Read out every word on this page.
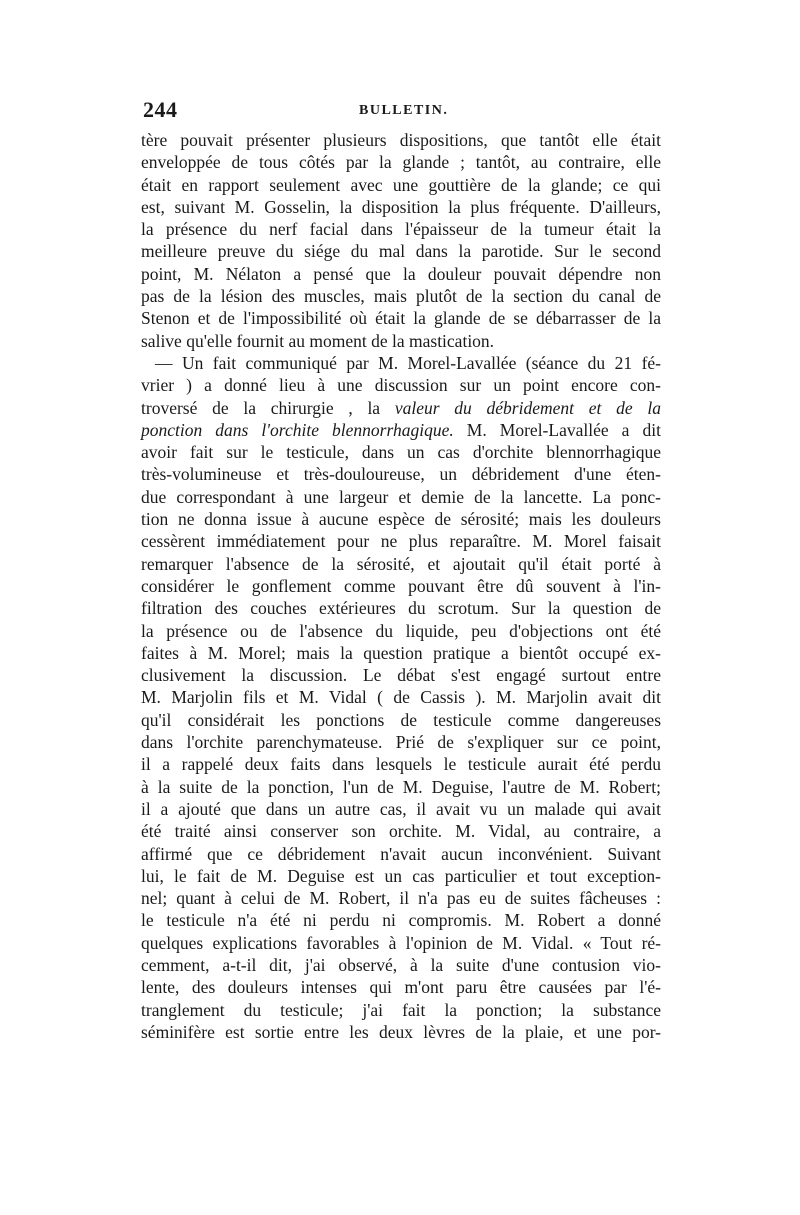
244	BULLETIN.
tère pouvait présenter plusieurs dispositions, que tantôt elle était
enveloppée de tous côtés par la glande ; tantôt, au contraire, elle
était en rapport seulement avec une gouttière de la glande; ce qui
est, suivant M. Gosselin, la disposition la plus fréquente. D'ailleurs,
la présence du nerf facial dans l'épaisseur de la tumeur était la
meilleure preuve du siége du mal dans la parotide. Sur le second
point, M. Nélaton a pensé que la douleur pouvait dépendre non
pas de la lésion des muscles, mais plutôt de la section du canal de
Stenon et de l'impossibilité où était la glande de se débarrasser de la
salive qu'elle fournit au moment de la mastication.
— Un fait communiqué par M. Morel-Lavallée (séance du 21 fé-
vrier ) a donné lieu à une discussion sur un point encore con-
troversé de la chirurgie , la valeur du débridement et de la
ponction dans l'orchite blennorrhagique. M. Morel-Lavallée a dit
avoir fait sur le testicule, dans un cas d'orchite blennorrhagique
très-volumineuse et très-douloureuse, un débridement d'une éten-
due correspondant à une largeur et demie de la lancette. La ponc-
tion ne donna issue à aucune espèce de sérosité; mais les douleurs
cessèrent immédiatement pour ne plus reparaître. M. Morel faisait
remarquer l'absence de la sérosité, et ajoutait qu'il était porté à
considérer le gonflement comme pouvant être dû souvent à l'in-
filtration des couches extérieures du scrotum. Sur la question de
la présence ou de l'absence du liquide, peu d'objections ont été
faites à M. Morel; mais la question pratique a bientôt occupé ex-
clusivement la discussion. Le débat s'est engagé surtout entre
M. Marjolin fils et M. Vidal ( de Cassis ). M. Marjolin avait dit
qu'il considérait les ponctions de testicule comme dangereuses
dans l'orchite parenchymateuse. Prié de s'expliquer sur ce point,
il a rappelé deux faits dans lesquels le testicule aurait été perdu
à la suite de la ponction, l'un de M. Deguise, l'autre de M. Robert;
il a ajouté que dans un autre cas, il avait vu un malade qui avait
été traité ainsi conserver son orchite. M. Vidal, au contraire, a
affirmé que ce débridement n'avait aucun inconvénient. Suivant
lui, le fait de M. Deguise est un cas particulier et tout exception-
nel; quant à celui de M. Robert, il n'a pas eu de suites fâcheuses :
le testicule n'a été ni perdu ni compromis. M. Robert a donné
quelques explications favorables à l'opinion de M. Vidal. « Tout ré-
cemment, a-t-il dit, j'ai observé, à la suite d'une contusion vio-
lente, des douleurs intenses qui m'ont paru être causées par l'é-
tranglement du testicule; j'ai fait la ponction; la substance
séminifère est sortie entre les deux lèvres de la plaie, et une por-
